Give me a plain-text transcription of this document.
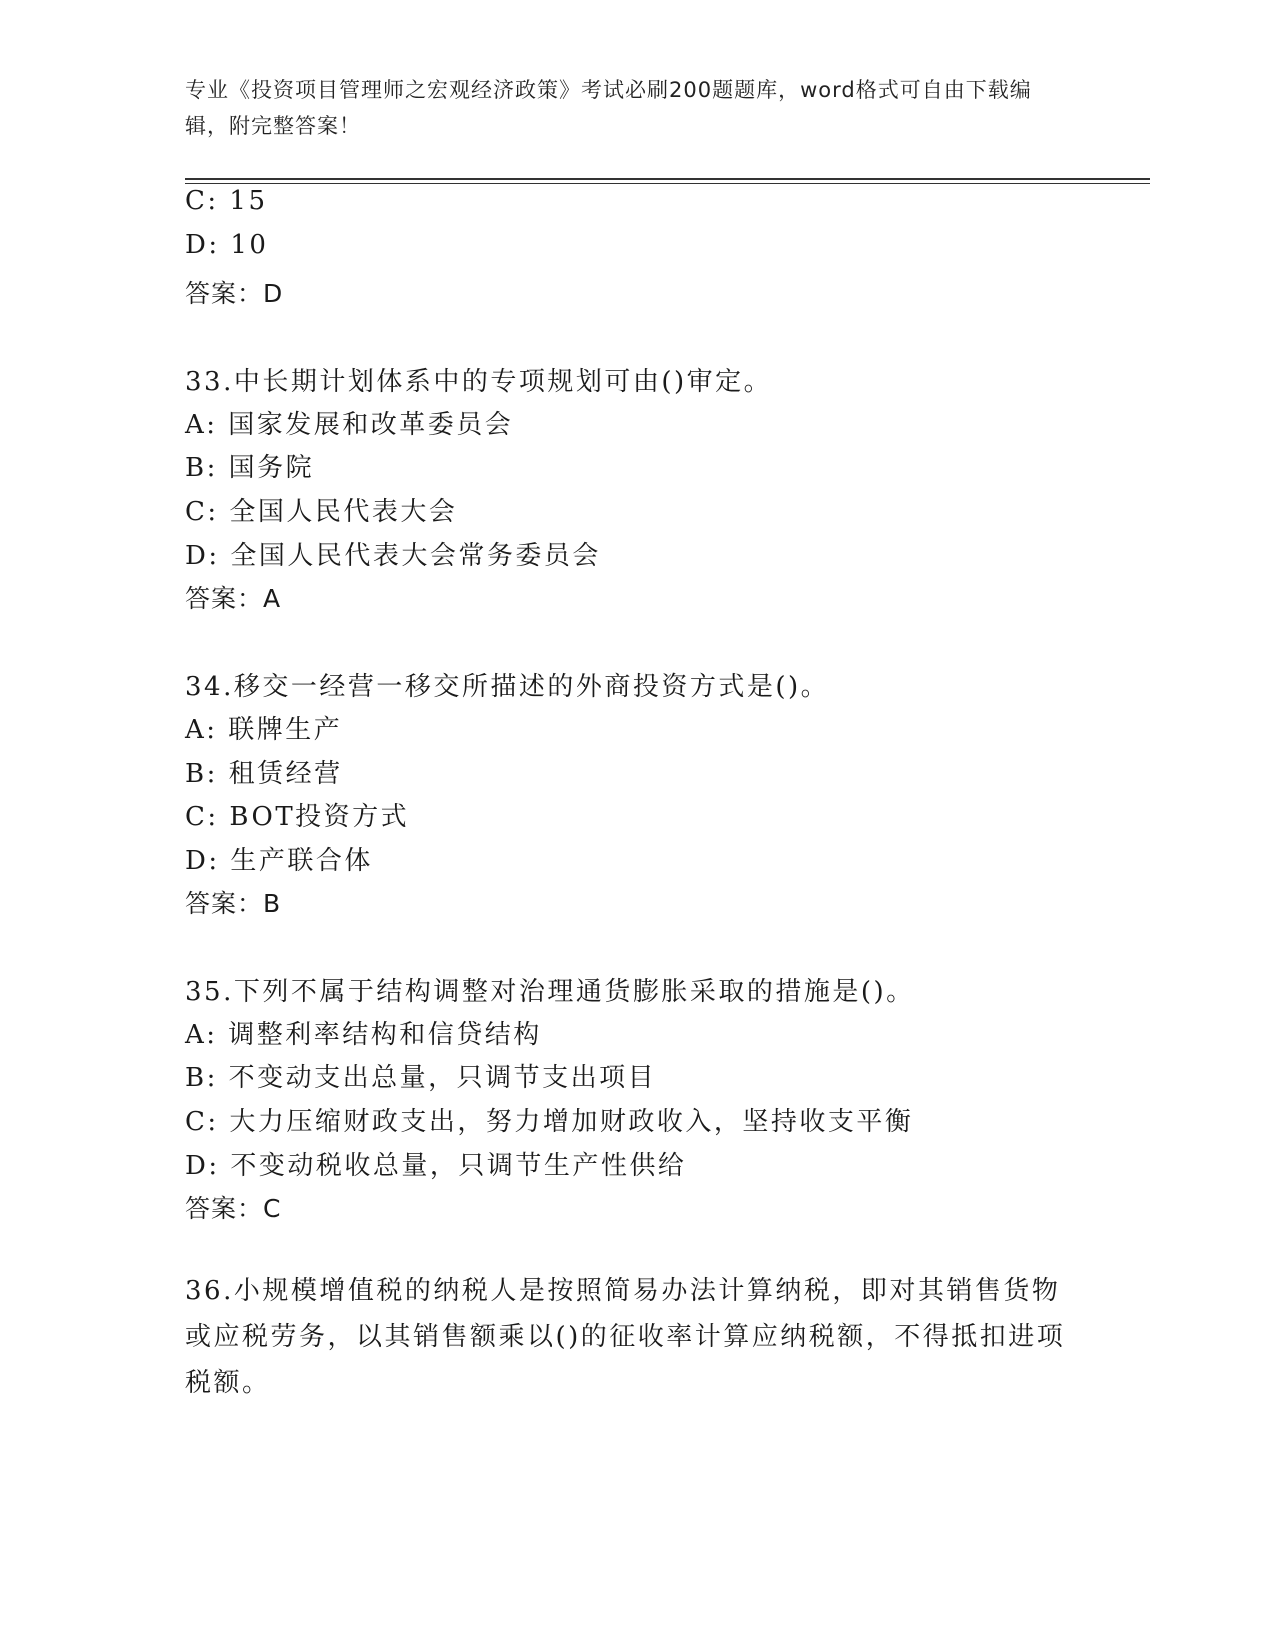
专业《投资项目管理师之宏观经济政策》考试必刷200题题库，word格式可自由下载编辑，附完整答案！
C: 15
D: 10
答案：D
33.中长期计划体系中的专项规划可由()审定。
A: 国家发展和改革委员会
B: 国务院
C: 全国人民代表大会
D: 全国人民代表大会常务委员会
答案：A
34.移交一经营一移交所描述的外商投资方式是()。
A: 联牌生产
B: 租赁经营
C: BOT投资方式
D: 生产联合体
答案：B
35.下列不属于结构调整对治理通货膨胀采取的措施是()。
A: 调整利率结构和信贷结构
B: 不变动支出总量，只调节支出项目
C: 大力压缩财政支出，努力增加财政收入，坚持收支平衡
D: 不变动税收总量，只调节生产性供给
答案：C
36.小规模增值税的纳税人是按照简易办法计算纳税，即对其销售货物或应税劳务，以其销售额乘以()的征收率计算应纳税额，不得抵扣进项税额。
